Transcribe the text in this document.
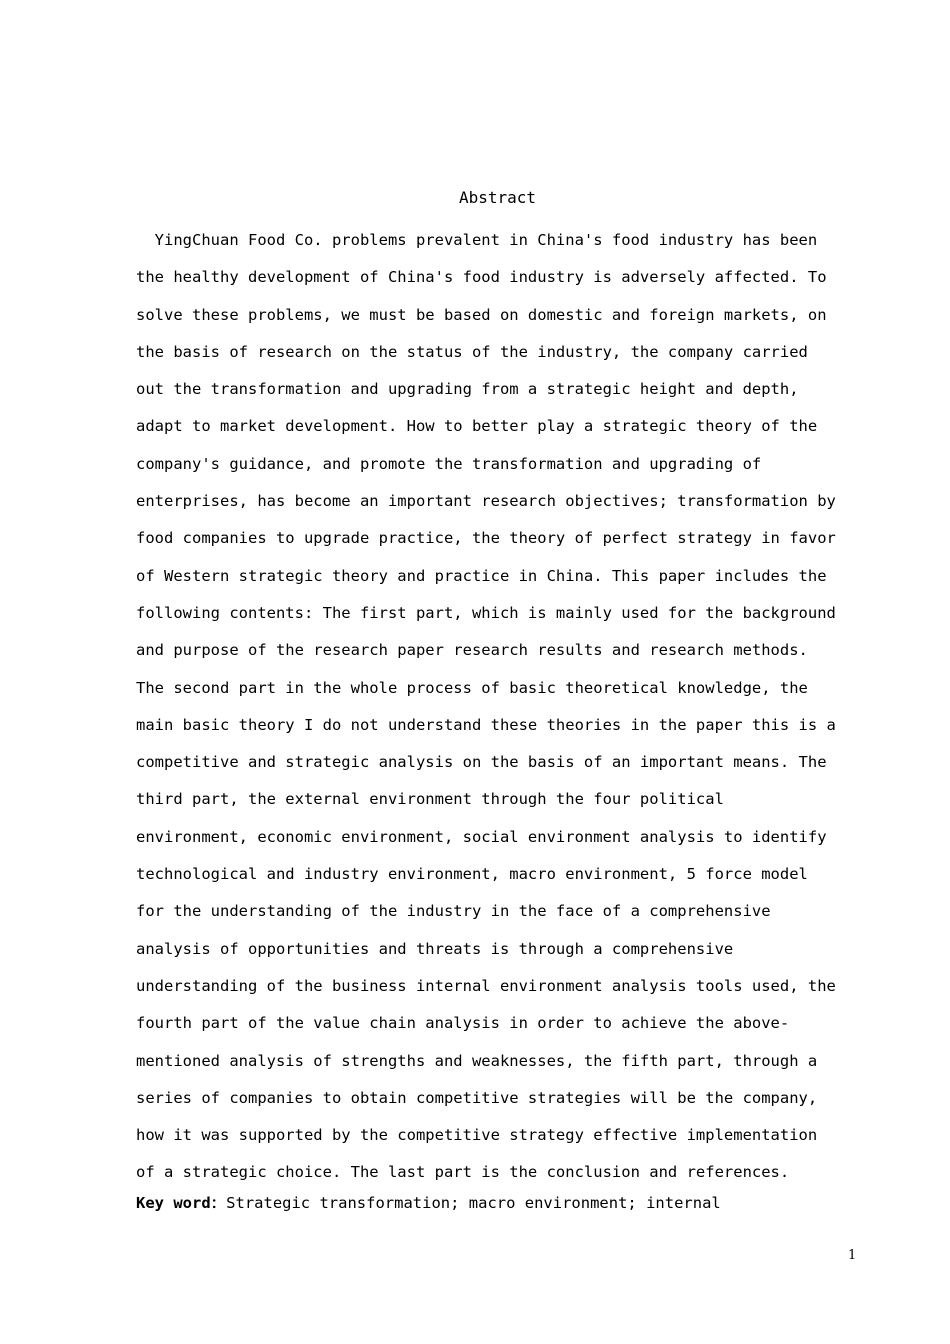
Abstract

YingChuan Food Co. problems prevalent in China's food industry has been

the healthy development of China's food industry is adversely affected. To

solve these problems, we must be based on domestic and foreign markets, on

the basis of research on the status of the industry, the company carried

out the transformation and upgrading from a strategic height and depth,

adapt to market development. How to better play a strategic theory of the

company's guidance, and promote the transformation and upgrading of

enterprises, has become an important research objectives; transformation by

food companies to upgrade practice, the theory of perfect strategy in favor

of Western strategic theory and practice in China. This paper includes the

following contents: The first part, which is mainly used for the background

and purpose of the research paper research results and research methods.

The second part in the whole process of basic theoretical knowledge, the

main basic theory I do not understand these theories in the paper this is a

competitive and strategic analysis on the basis of an important means. The

third part, the external environment through the four political

environment, economic environment, social environment analysis to identify

technological and industry environment, macro environment, 5 force model

for the understanding of the industry in the face of a comprehensive

analysis of opportunities and threats is through a comprehensive

understanding of the business internal environment analysis tools used, the

fourth part of the value chain analysis in order to achieve the above-

mentioned analysis of strengths and weaknesses, the fifth part, through a

series of companies to obtain competitive strategies will be the company,

how it was supported by the competitive strategy effective implementation

of a strategic choice. The last part is the conclusion and references.

Key word：Strategic transformation; macro environment; internal
1
